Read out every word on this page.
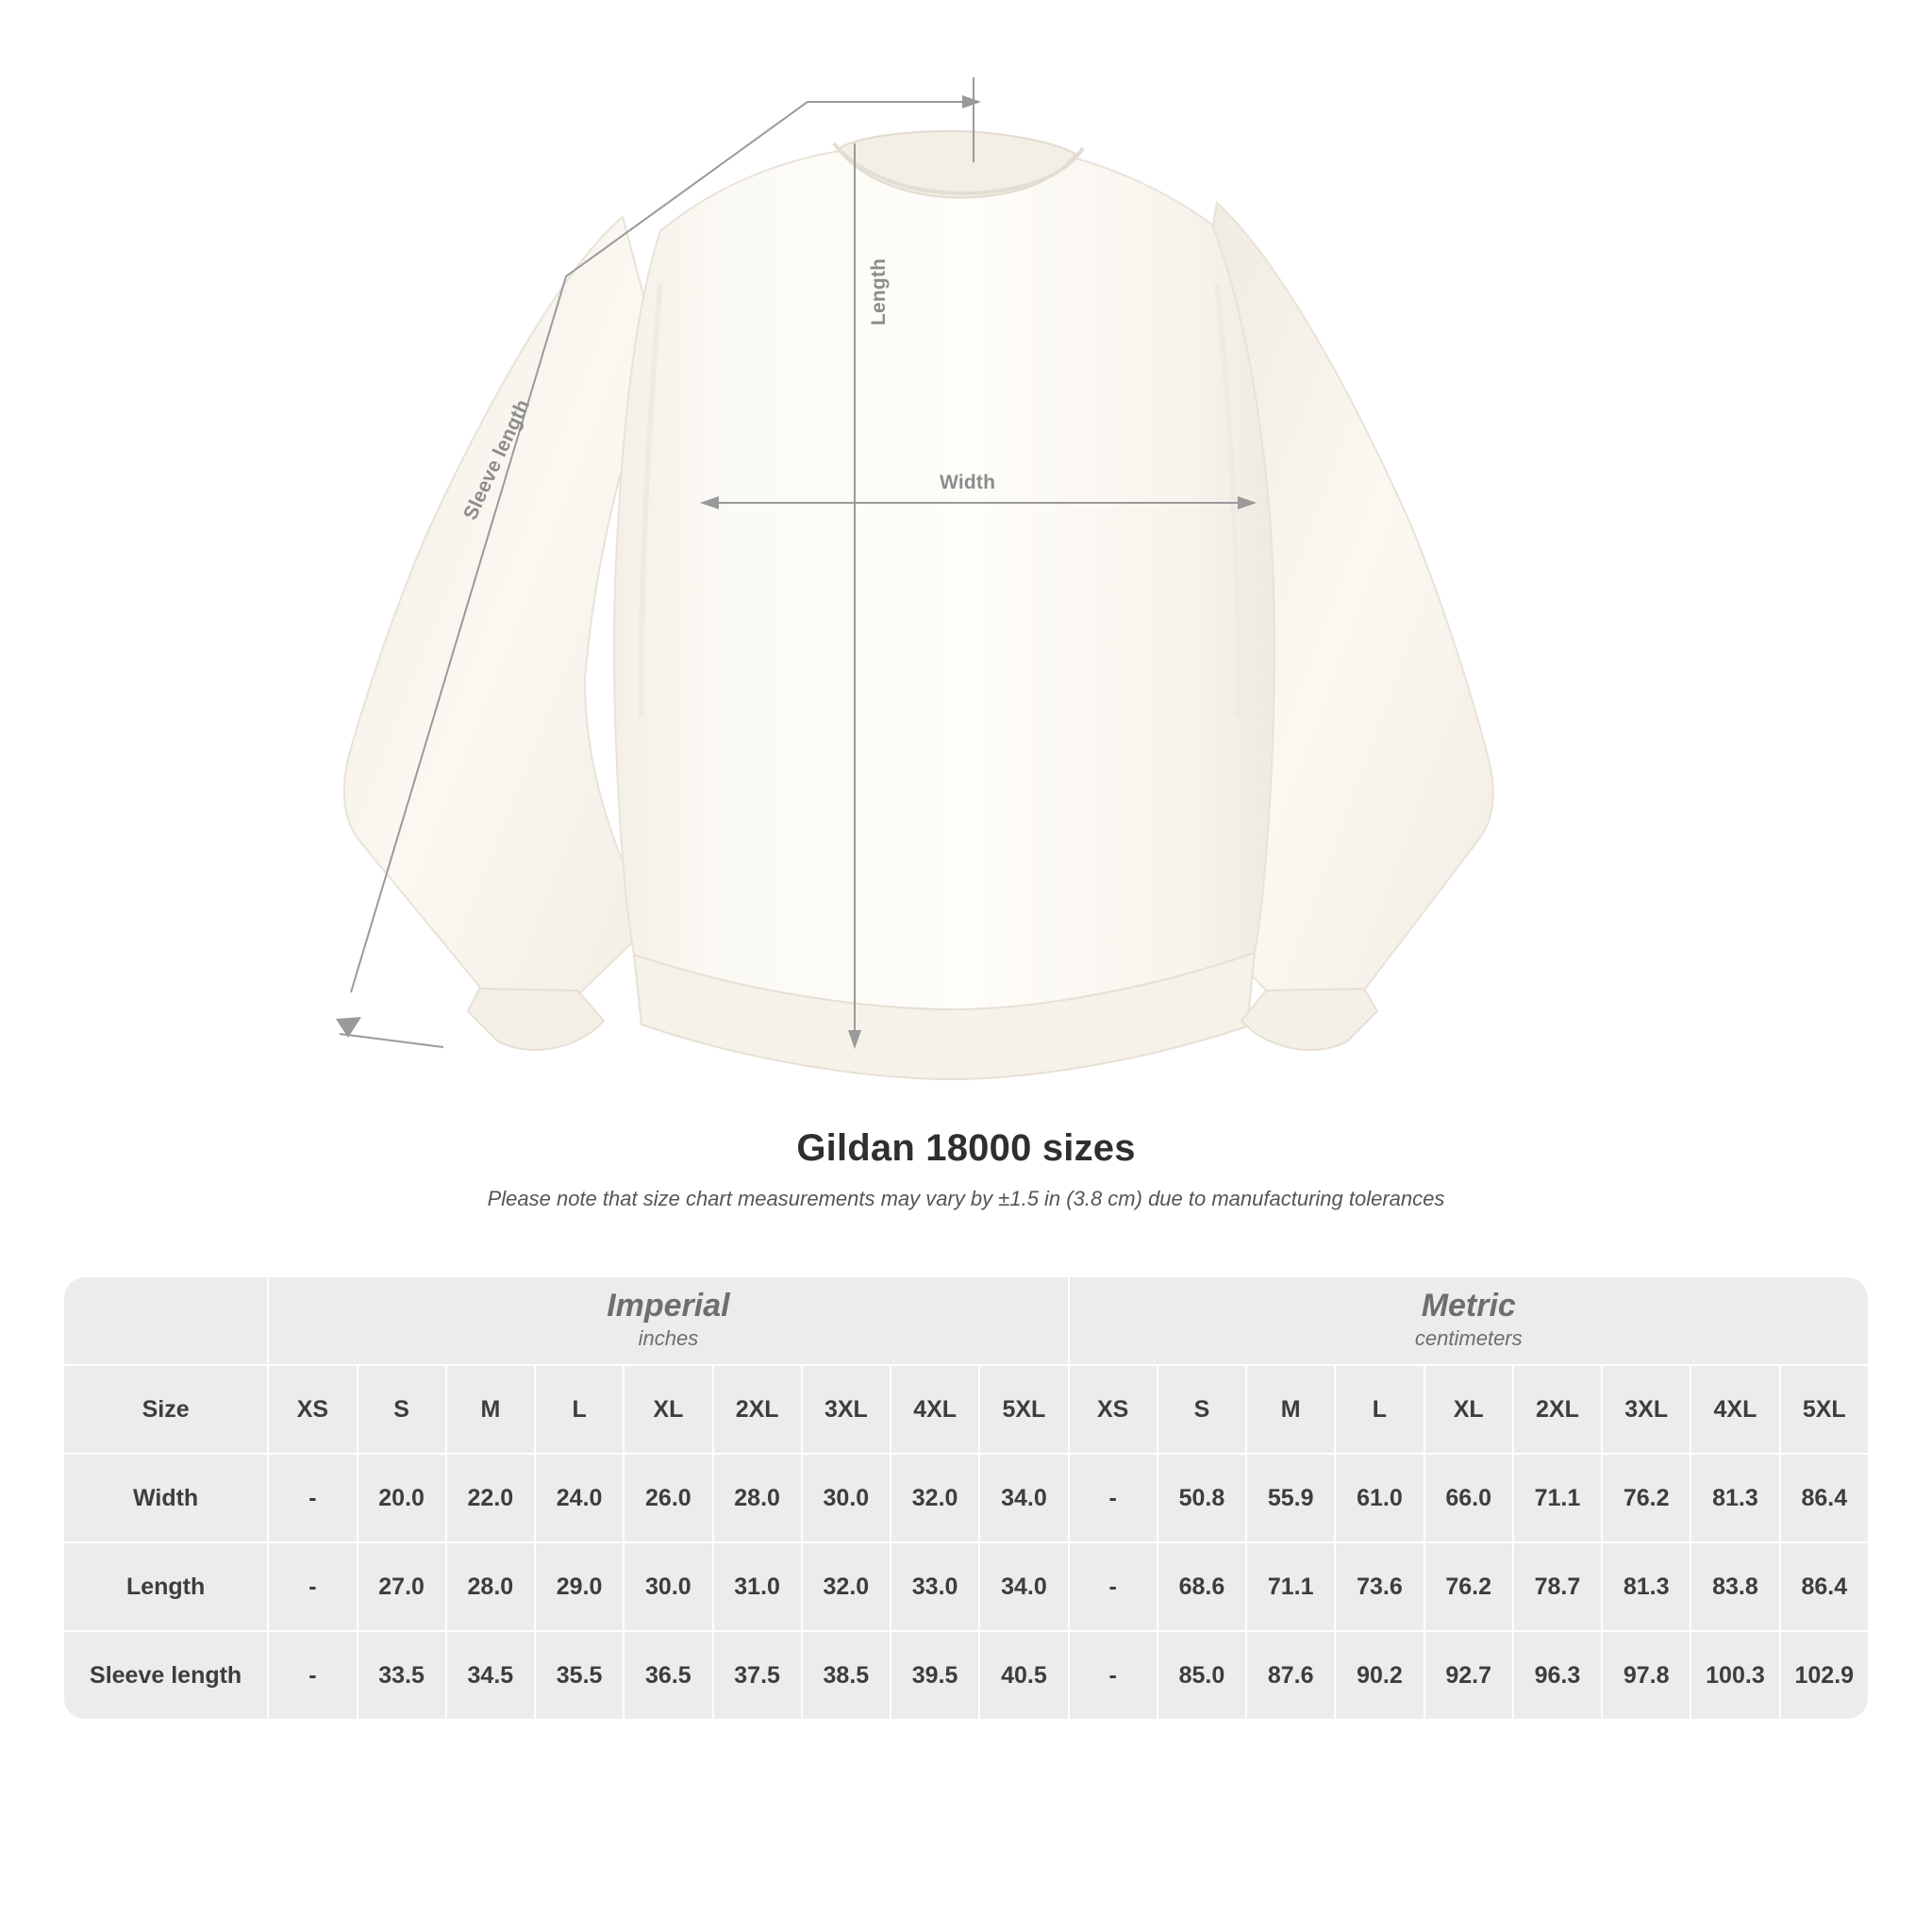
Length
Width
Sleeve length
Gildan 18000 sizes

Please note that size chart measurements may vary by ±1.5 in (3.8 cm) due to manufacturing tolerances

	Imperial
inches									Metric
centimeters								

Size	XS	S	M	L	XL	2XL	3XL	4XL	5XL	XS	S	M	L	XL	2XL	3XL	4XL	5XL
Width	-	20.0	22.0	24.0	26.0	28.0	30.0	32.0	34.0	-	50.8	55.9	61.0	66.0	71.1	76.2	81.3	86.4
Length	-	27.0	28.0	29.0	30.0	31.0	32.0	33.0	34.0	-	68.6	71.1	73.6	76.2	78.7	81.3	83.8	86.4
Sleeve length	-	33.5	34.5	35.5	36.5	37.5	38.5	39.5	40.5	-	85.0	87.6	90.2	92.7	96.3	97.8	100.3	102.9
